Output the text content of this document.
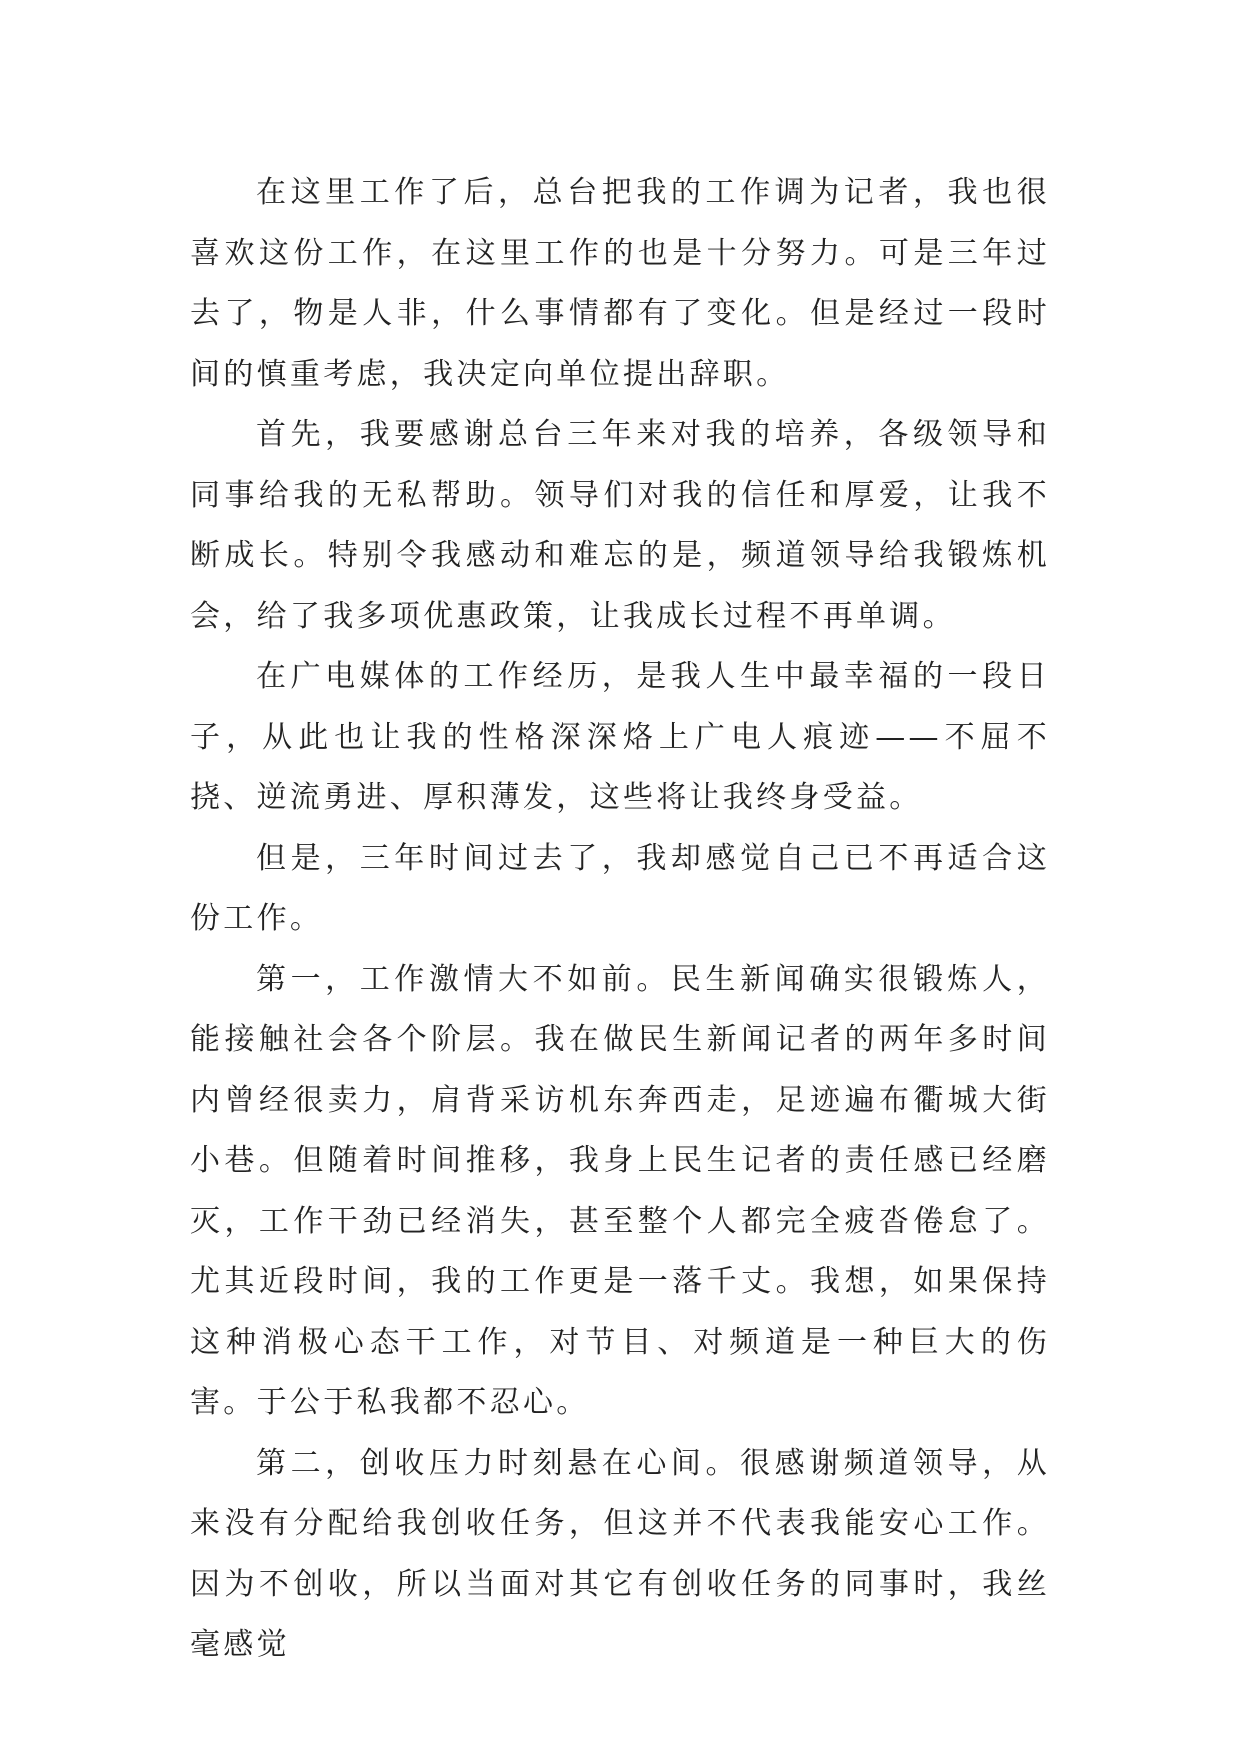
在这里工作了后，总台把我的工作调为记者，我也很喜欢这份工作，在这里工作的也是十分努力。可是三年过去了，物是人非，什么事情都有了变化。但是经过一段时间的慎重考虑，我决定向单位提出辞职。

首先，我要感谢总台三年来对我的培养，各级领导和同事给我的无私帮助。领导们对我的信任和厚爱，让我不断成长。特别令我感动和难忘的是，频道领导给我锻炼机会，给了我多项优惠政策，让我成长过程不再单调。

在广电媒体的工作经历，是我人生中最幸福的一段日子，从此也让我的性格深深烙上广电人痕迹——不屈不挠、逆流勇进、厚积薄发，这些将让我终身受益。

但是，三年时间过去了，我却感觉自己已不再适合这份工作。

第一，工作激情大不如前。民生新闻确实很锻炼人，能接触社会各个阶层。我在做民生新闻记者的两年多时间内曾经很卖力，肩背采访机东奔西走，足迹遍布衢城大街小巷。但随着时间推移，我身上民生记者的责任感已经磨灭，工作干劲已经消失，甚至整个人都完全疲沓倦怠了。尤其近段时间，我的工作更是一落千丈。我想，如果保持这种消极心态干工作，对节目、对频道是一种巨大的伤害。于公于私我都不忍心。

第二，创收压力时刻悬在心间。很感谢频道领导，从来没有分配给我创收任务，但这并不代表我能安心工作。因为不创收，所以当面对其它有创收任务的同事时，我丝毫感觉
